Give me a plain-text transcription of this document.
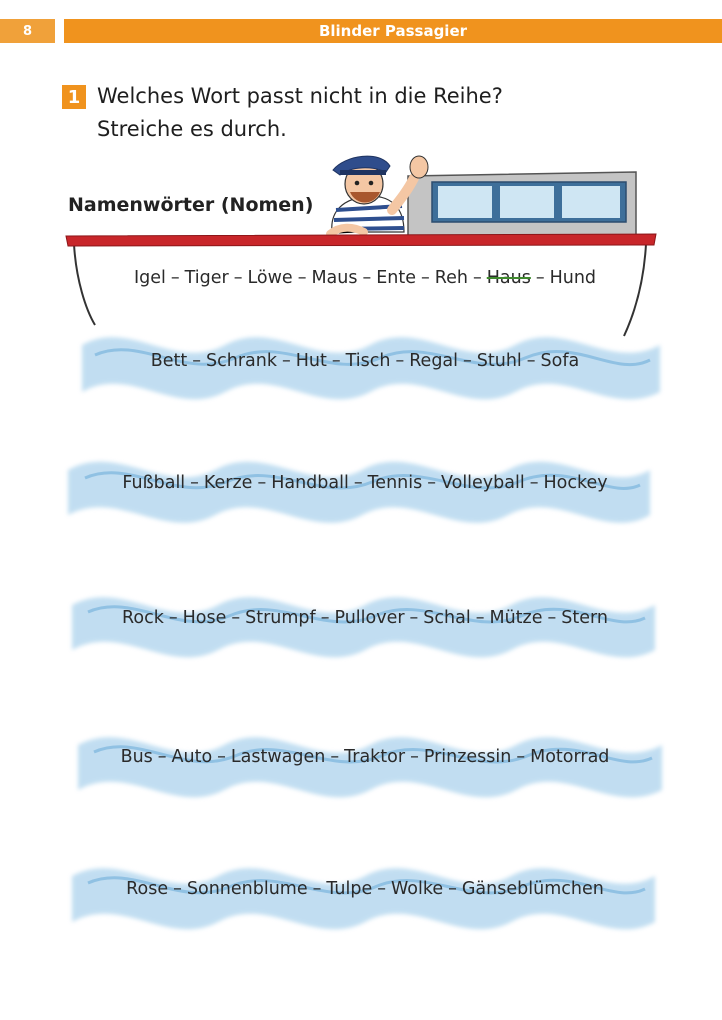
8	Blinder Passagier
1 Welches Wort passt nicht in die Reihe?
Streiche es durch.
Namenwörter (Nomen)
Igel – Tiger – Löwe – Maus – Ente – Reh – Haus – Hund
Bett – Schrank – Hut – Tisch – Regal – Stuhl – Sofa
Fußball – Kerze – Handball – Tennis – Volleyball – Hockey
Rock – Hose – Strumpf – Pullover – Schal – Mütze – Stern
Bus – Auto – Lastwagen – Traktor – Prinzessin – Motorrad
Rose – Sonnenblume – Tulpe – Wolke – Gänseblümchen
